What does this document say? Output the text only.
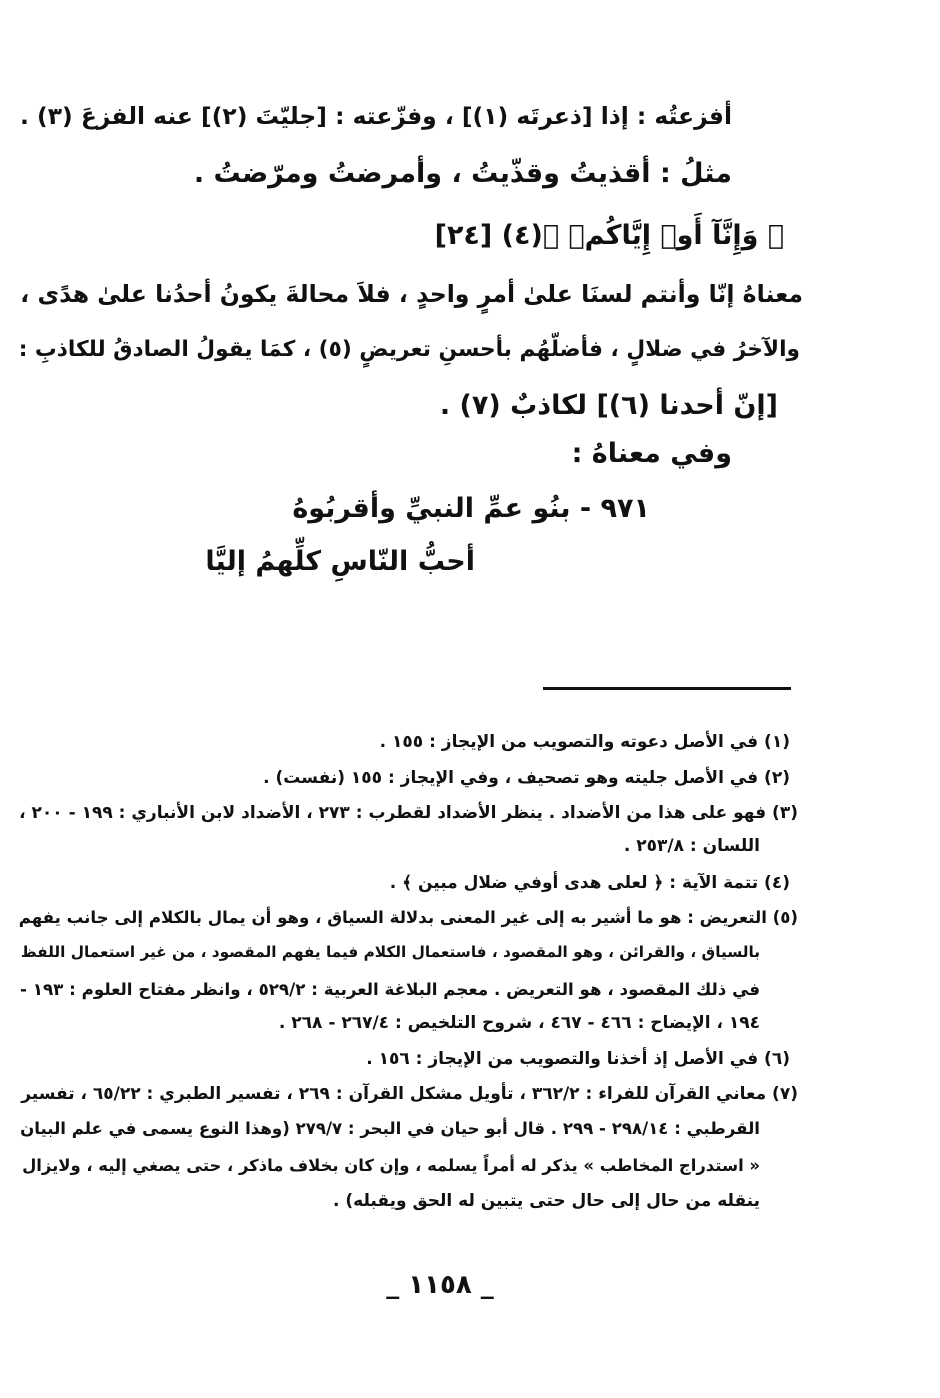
أفزعتُه : إذا [ذعرتَه (١)] ، وفزّعته : [جليّتَ (٢)] عنه الفزعَ (٣) .
مثلُ : أقذيتُ وقذّيتُ ، وأمرضتُ ومرّضتُ .
﴿ وَإِنَّآ أَوۡ إِيَّاكُمۡ ﴾(٤) [٢٤]
معناهُ إنّا وأنتم لسنَا علىٰ أمرٍ واحدٍ ، فلاَ محالةَ يكونُ أحدُنا علىٰ هدًى ،
والآخرُ في ضلالٍ ، فأضلّهُم بأحسنِ تعريضٍ (٥) ، كمَا يقولُ الصادقُ للكاذبِ :
[إنّ أحدنا (٦)] لكاذبٌ (٧) .
وفي معناهُ :
٩٧١ - بنُو عمِّ النبيِّ وأقربُوهُ
أحبُّ النّاسِ كلِّهمُ إليَّا
(١) في الأصل دعوته والتصويب من الإيجاز : ١٥٥ .
(٢) في الأصل جليته وهو تصحيف ، وفي الإيجاز : ١٥٥ (نفست) .
(٣) فهو على هذا من الأضداد . ينظر الأضداد لقطرب : ٢٧٣ ، الأضداد لابن الأنباري : ١٩٩ - ٢٠٠ ،
اللسان : ٢٥٣/٨ .
(٤) تتمة الآية : ﴿ لعلى هدى أوفي ضلال مبين ﴾ .
(٥) التعريض : هو ما أشير به إلى غير المعنى بدلالة السياق ، وهو أن يمال بالكلام إلى جانب يفهم
بالسياق ، والقرائن ، وهو المقصود ، فاستعمال الكلام فيما يفهم المقصود ، من غير استعمال اللفظ
في ذلك المقصود ، هو التعريض . معجم البلاغة العربية : ٥٢٩/٢ ، وانظر مفتاح العلوم : ١٩٣ -
١٩٤ ، الإيضاح : ٤٦٦ - ٤٦٧ ، شروح التلخيص : ٢٦٧/٤ - ٢٦٨ .
(٦) في الأصل إذ أخذنا والتصويب من الإيجاز : ١٥٦ .
(٧) معاني القرآن للفراء : ٣٦٢/٢ ، تأويل مشكل القرآن : ٢٦٩ ، تفسير الطبري : ٦٥/٢٢ ، تفسير
القرطبي : ٢٩٨/١٤ - ٢٩٩ . قال أبو حيان في البحر : ٢٧٩/٧ (وهذا النوع يسمى في علم البيان
« استدراج المخاطب » يذكر له أمراً يسلمه ، وإن كان بخلاف ماذكر ، حتى يصغي إليه ، ولايزال
ينقله من حال إلى حال حتى يتبين له الحق ويقبله) .
_ ١١٥٨ _
